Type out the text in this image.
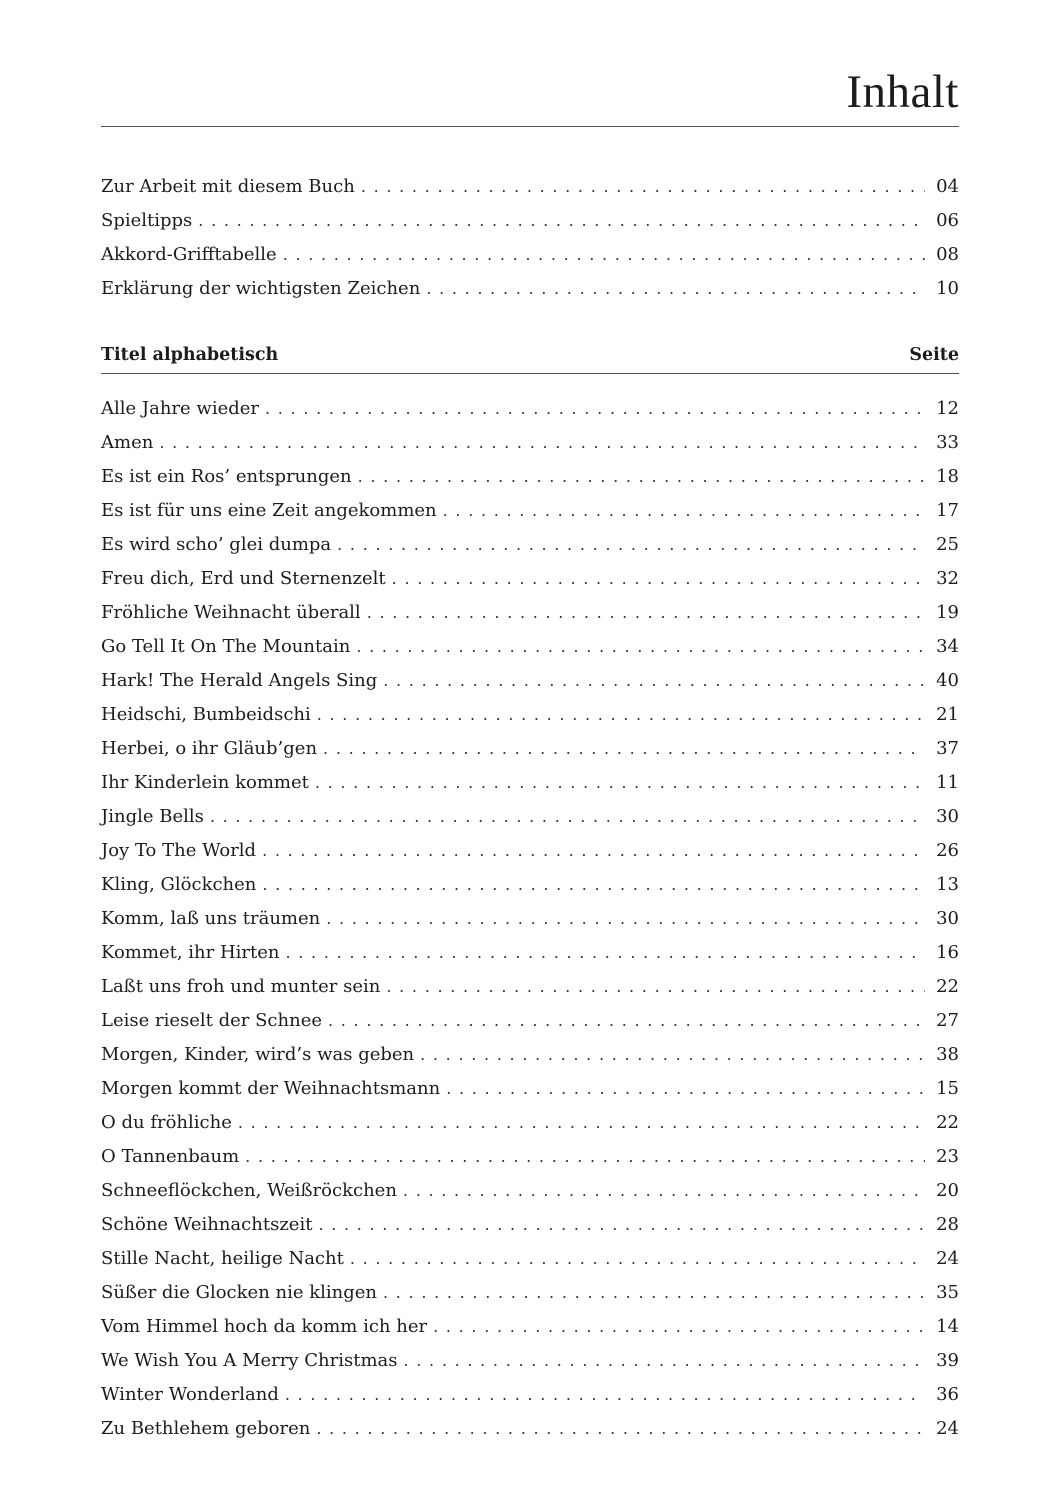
Inhalt
Zur Arbeit mit diesem Buch . . .	04
Spieltipps . . .	06
Akkord-Grifftabelle . . .	08
Erklärung der wichtigsten Zeichen . . .	10
Titel alphabetisch	Seite
Alle Jahre wieder . . .	12
Amen . . .	33
Es ist ein Ros’ entsprungen . . .	18
Es ist für uns eine Zeit angekommen . . .	17
Es wird scho’ glei dumpa . . .	25
Freu dich, Erd und Sternenzelt . . .	32
Fröhliche Weihnacht überall . . .	19
Go Tell It On The Mountain . . .	34
Hark! The Herald Angels Sing . . .	40
Heidschi, Bumbeidschi . . .	21
Herbei, o ihr Gläub’gen . . .	37
Ihr Kinderlein kommet . . .	11
Jingle Bells . . .	30
Joy To The World . . .	26
Kling, Glöckchen . . .	13
Komm, laß uns träumen . . .	30
Kommet, ihr Hirten . . .	16
Laßt uns froh und munter sein . . .	22
Leise rieselt der Schnee . . .	27
Morgen, Kinder, wird’s was geben . . .	38
Morgen kommt der Weihnachtsmann . . .	15
O du fröhliche . . .	22
O Tannenbaum . . .	23
Schneeflöckchen, Weißröckchen . . .	20
Schöne Weihnachtszeit . . .	28
Stille Nacht, heilige Nacht . . .	24
Süßer die Glocken nie klingen . . .	35
Vom Himmel hoch da komm ich her . . .	14
We Wish You A Merry Christmas . . .	39
Winter Wonderland . . .	36
Zu Bethlehem geboren . . .	24
